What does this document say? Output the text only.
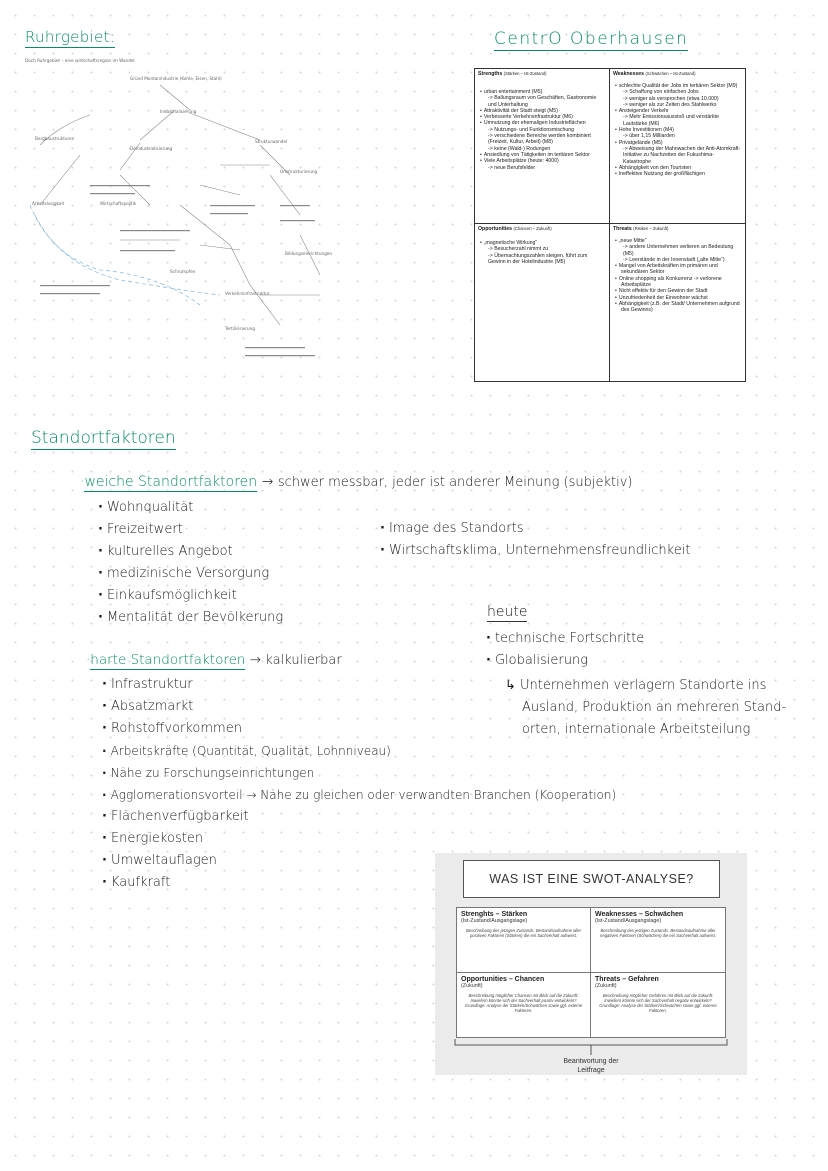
Ruhrgebiet:	CentrO Oberhausen
Doch Ruhrgebiet – eine wirtschaftsregion im Wandel
Gründ Montanindustrie (Kohle, Eisen, Stahl)
Industrialisierung
Deindustrialisierung
Strukturwandel
Schrumpfen
Tertiärisierung
Arbeitslosigkeit
Verkehrsinfrastruktur
Bergbaustrukturen
Wirtschaftspolitik
Umstrukturierung
Bildungseinrichtungen
Strengths (Stärken – Ist-Zustand)
• urban entertainment (M5)
-> Ballungsraum von Geschäften, Gastronomie und Unterhaltung
• Attraktivität der Stadt steigt (M5)
• Verbesserte Verkehrsinfrastruktur (M6)
• Umnutzung der ehemaligen Industrieflächen
-> Nutzungs- und Funktionsmischung
-> verschiedene Bereiche werden kombiniert (Freizeit, Kultur, Arbeit) (M8)
-> keine (Wald-) Rodungen
• Ansiedlung von Tätigkeiten im tertiären Sektor
• Viele Arbeitsplätze (heute: 4000)
-> neue Berufsfelder
Weaknesses (Schwächen – Ist-Zustand)
• schlechte Qualität der Jobs im tertiären Sektor (M9)
-> Schaffung von einfachen Jobs
-> weniger als versprochen (etwa 10.000)
-> weniger als zur Zeiten des Stahlwerks
• Ansteigender Verkehr
-> Mehr Emissionsausstoß und verstärkte Lautstärke (M6)
• Hohe Investitionen (M4)
-> über 1,15 Milliarden
• Privatgelände (M5)
-> Abweisung der Mahnwachen der Anti-Atomkraft-Initiative zu Nachzeiten der Fukushima- Katastrophe
• Abhängigkeit von den Touristen
• Ineffektive Nutzung der großflächigen
Opportunities (Chancen – Zukunft)
• „magnetische Wirkung“
-> Besucherzahl nimmt zu
-> Übernachtungszahlen steigen, führt zum Gewinn in der Hotelindustrie (M5)
Threats (Risiken – Zukunft)
• „neue Mitte“
-> andere Unternehmen verlieren an Bedeutung (M5)
-> Leerstände in der Innenstadt („alte Mitte“)
• Mangel von Arbeitskräften im primären und sekundären Sektor
• Online shopping als Konkurrenz -> verlorene Arbeitsplätze
• Nicht effektiv für den Gewinn der Stadt
• Unzufriedenheit der Einwohner wächst
• Abhängigkeit (z.B. der Stadt/ Unternehmen aufgrund des Gewinns)
Standortfaktoren
·weiche Standortfaktoren → schwer messbar, jeder ist anderer Meinung (subjektiv)
· Wohnqualität
· Freizeitwert
· kulturelles Angebot
· medizinische Versorgung
· Einkaufsmöglichkeit
· Mentalität der Bevölkerung
· Image des Standorts
· Wirtschaftsklima, Unternehmensfreundlichkeit
heute
· technische Fortschritte
· Globalisierung
↳ Unternehmen verlagern Standorte ins
Ausland, Produktion an mehreren Stand-
orten, internationale Arbeitsteilung
·harte Standortfaktoren → kalkulierbar
· Infrastruktur
· Absatzmarkt
· Rohstoffvorkommen
· Arbeitskräfte (Quantität, Qualität, Lohnniveau)
· Nähe zu Forschungseinrichtungen
· Agglomerationsvorteil → Nähe zu gleichen oder verwandten Branchen (Kooperation)
· Flächenverfügbarkeit
· Energiekosten
· Umweltauflagen
· Kaufkraft	WAS IST EINE SWOT-ANALYSE?
Strenghts – Stärken
(Ist-Zustand/Ausgangslage)
Beschreibung des jetzigen Zustands. Bestandsaufnahme aller positiven Faktoren (Stärken) die ein Sachverhalt aufweist.
Weaknesses – Schwächen
(Ist-Zustand/Ausgangslage)
Beschreibung des jetzigen Zustands. Bestandsaufnahme aller negativen Faktoren (Schwächen) die ein Sachverhalt aufweist.
Opportunities – Chancen
(Zukunft)
Beschreibung möglicher Chancen mit Blick auf die Zukunft: Inwiefern könnte sich der Sachverhalt positiv entwickeln? Grundlage: Analyse der Stärken/Schwächen sowie ggf. externe Faktoren.
Threats – Gefahren
(Zukunft)
Beschreibung möglicher Gefahren mit Blick auf die Zukunft: Inwiefern könnte sich der Sachverhalt negativ entwickeln? Grundlage: Analyse der Stärken/Schwächen sowie ggf. externe Faktoren.
Beantwortung der
Leitfrage
